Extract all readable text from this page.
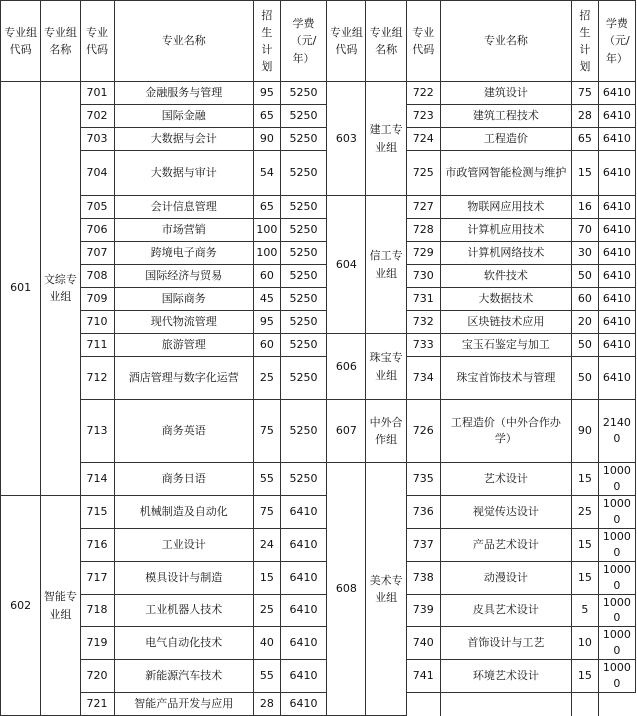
专业组代码	专业组名称	专业代码	专业名称	招生计划	学费（元/年）	专业组代码	专业组名称	专业代码	专业名称	招生计划	学费（元/年）
601	文综专业组	701	金融服务与管理	95	5250	603	建工专业组	722	建筑设计	75	6410
		702	国际金融	65	5250			723	建筑工程技术	28	6410
		703	大数据与会计	90	5250			724	工程造价	65	6410
		704	大数据与审计	54	5250			725	市政管网智能检测与维护	15	6410
		705	会计信息管理	65	5250	604	信工专业组	727	物联网应用技术	16	6410
		706	市场营销	100	5250			728	计算机应用技术	70	6410
		707	跨境电子商务	100	5250			729	计算机网络技术	30	6410
		708	国际经济与贸易	60	5250			730	软件技术	50	6410
		709	国际商务	45	5250			731	大数据技术	60	6410
		710	现代物流管理	95	5250			732	区块链技术应用	20	6410
		711	旅游管理	60	5250	606	珠宝专业组	733	宝玉石鉴定与加工	50	6410
		712	酒店管理与数字化运营	25	5250			734	珠宝首饰技术与管理	50	6410
		713	商务英语	75	5250	607	中外合作组	726	工程造价（中外合作办学）	90	21400
		714	商务日语	55	5250	608	美术专业组	735	艺术设计	15	10000
602	智能专业组	715	机械制造及自动化	75	6410			736	视觉传达设计	25	10000
		716	工业设计	24	6410			737	产品艺术设计	15	10000
		717	模具设计与制造	15	6410			738	动漫设计	15	10000
		718	工业机器人技术	25	6410			739	皮具艺术设计	5	10000
		719	电气自动化技术	40	6410			740	首饰设计与工艺	10	10000
		720	新能源汽车技术	55	6410			741	环境艺术设计	15	10000
		721	智能产品开发与应用	28	6410						
